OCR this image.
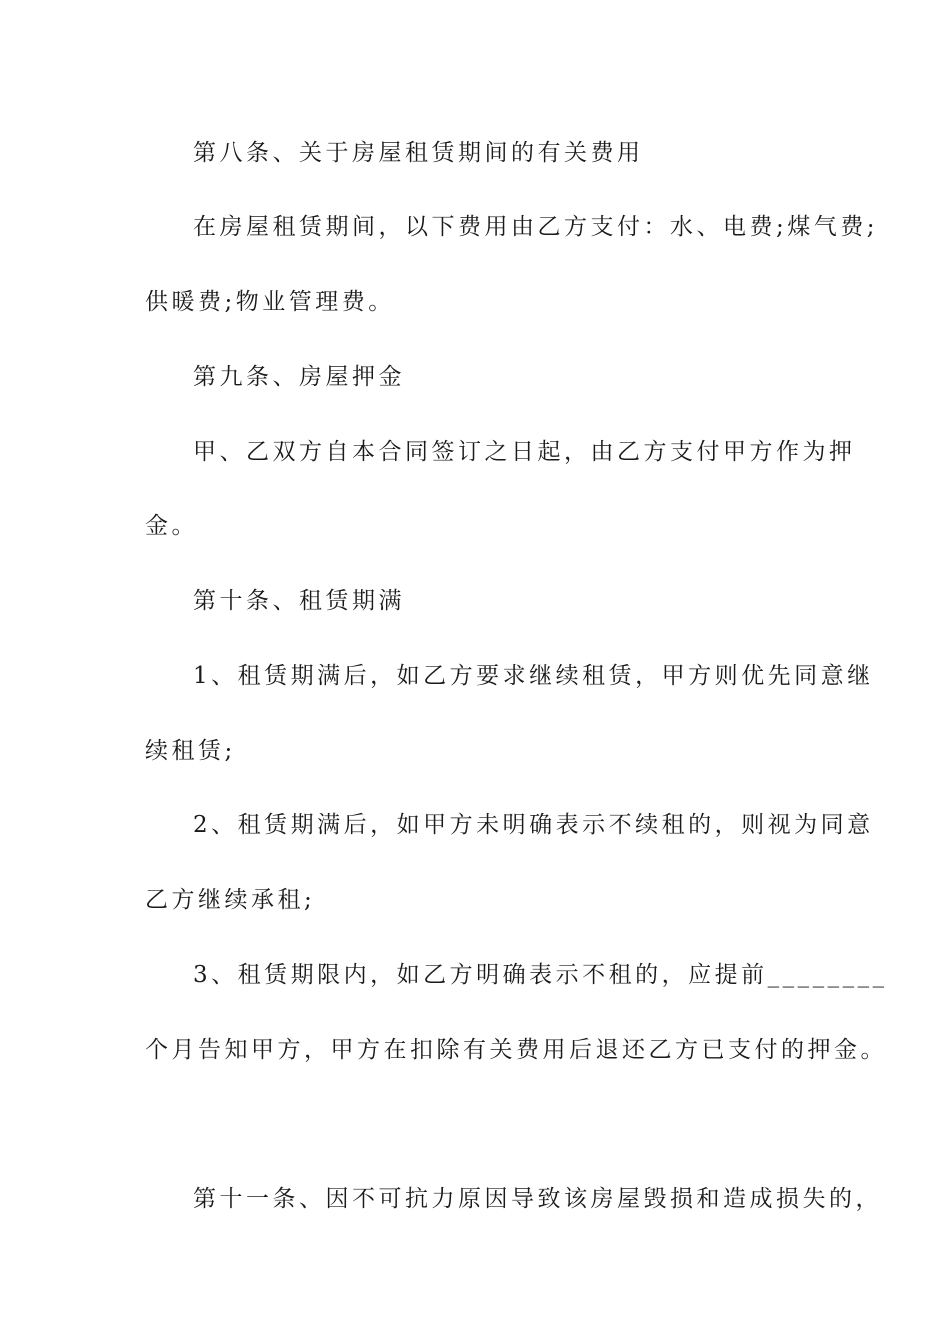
第八条、关于房屋租赁期间的有关费用
在房屋租赁期间，以下费用由乙方支付：水、电费;煤气费;
供暖费;物业管理费。
第九条、房屋押金
甲、乙双方自本合同签订之日起，由乙方支付甲方作为押
金。
第十条、租赁期满
1、租赁期满后，如乙方要求继续租赁，甲方则优先同意继
续租赁;
2、租赁期满后，如甲方未明确表示不续租的，则视为同意
乙方继续承租;
3、租赁期限内，如乙方明确表示不租的，应提前________
个月告知甲方，甲方在扣除有关费用后退还乙方已支付的押金。
第十一条、因不可抗力原因导致该房屋毁损和造成损失的，
